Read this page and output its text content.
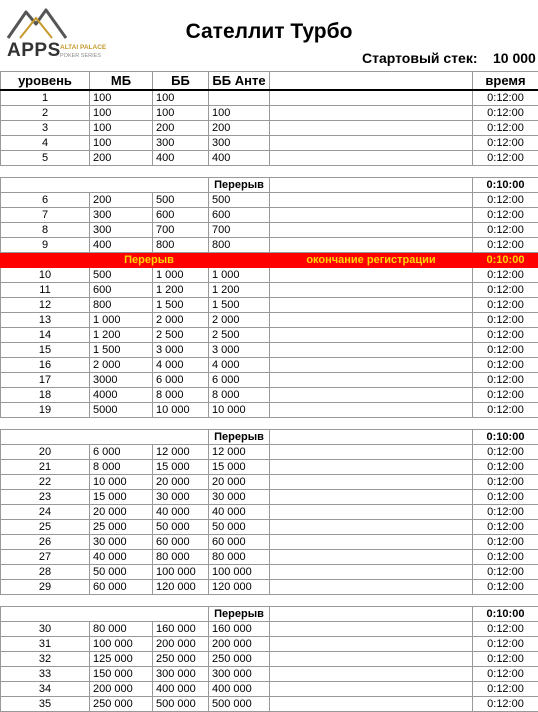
APPS ALTAI PALACE
POKER SERIES
Сателлит Турбо
Стартовый стек: 10 000
уровень	МБ	ББ	ББ Анте		время
1	100	100			0:12:00
2	100	100	100		0:12:00
3	100	200	200		0:12:00
4	100	300	300		0:12:00
5	200	400	400		0:12:00

			Перерыв		0:10:00
6	200	500	500		0:12:00
7	300	600	600		0:12:00
8	300	700	700		0:12:00
9	400	800	800		0:12:00
	Перерыв			окончание регистрации	0:10:00
10	500	1 000	1 000		0:12:00
11	600	1 200	1 200		0:12:00
12	800	1 500	1 500		0:12:00
13	1 000	2 000	2 000		0:12:00
14	1 200	2 500	2 500		0:12:00
15	1 500	3 000	3 000		0:12:00
16	2 000	4 000	4 000		0:12:00
17	3000	6 000	6 000		0:12:00
18	4000	8 000	8 000		0:12:00
19	5000	10 000	10 000		0:12:00

			Перерыв		0:10:00
20	6 000	12 000	12 000		0:12:00
21	8 000	15 000	15 000		0:12:00
22	10 000	20 000	20 000		0:12:00
23	15 000	30 000	30 000		0:12:00
24	20 000	40 000	40 000		0:12:00
25	25 000	50 000	50 000		0:12:00
26	30 000	60 000	60 000		0:12:00
27	40 000	80 000	80 000		0:12:00
28	50 000	100 000	100 000		0:12:00
29	60 000	120 000	120 000		0:12:00

			Перерыв		0:10:00
30	80 000	160 000	160 000		0:12:00
31	100 000	200 000	200 000		0:12:00
32	125 000	250 000	250 000		0:12:00
33	150 000	300 000	300 000		0:12:00
34	200 000	400 000	400 000		0:12:00
35	250 000	500 000	500 000		0:12:00
